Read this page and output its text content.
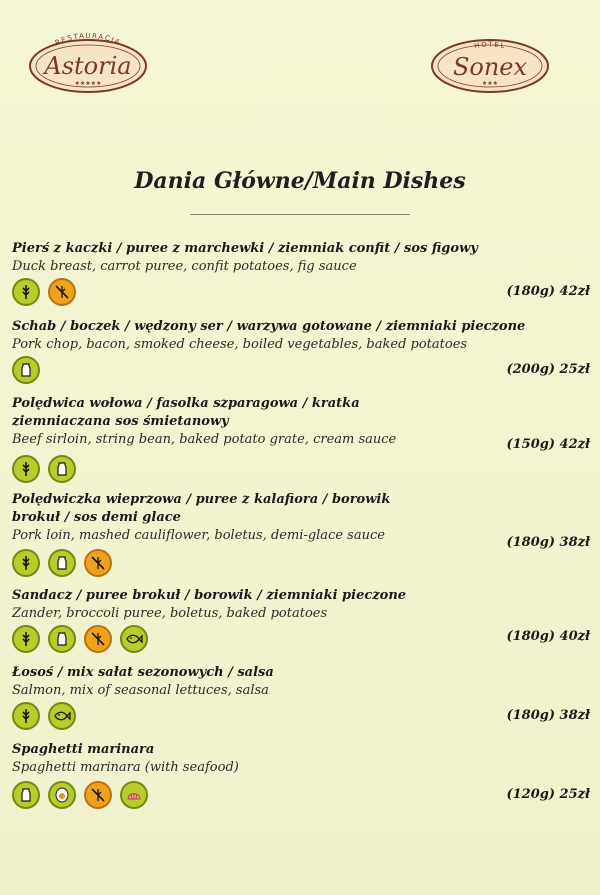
RESTAURACJA
Astoria
★★★★★
HOTEL
Sonex
★★★
Dania Główne/Main Dishes
Pierś z kaczki / puree z marchewki / ziemniak confit / sos figowy
Duck breast, carrot puree, confit potatoes, fig sauce
(180g) 42zł
Schab / boczek / wędzony ser / warzywa gotowane / ziemniaki pieczone
Pork chop, bacon, smoked cheese, boiled vegetables, baked potatoes
(200g) 25zł
Polędwica wołowa / fasolka szparagowa / kratka ziemniaczana sos śmietanowy
Beef sirloin, string bean, baked potato grate, cream sauce	(150g) 42zł
Polędwiczka wieprzowa / puree z kalafiora / borowik brokuł / sos demi glace
Pork loin, mashed cauliflower, boletus, demi-glace sauce	(180g) 38zł
Sandacz / puree brokuł / borowik / ziemniaki pieczone
Zander, broccoli puree, boletus, baked potatoes
(180g) 40zł
Łosoś / mix sałat sezonowych / salsa
Salmon, mix of seasonal lettuces, salsa
(180g) 38zł
Spaghetti marinara
Spaghetti marinara (with seafood)
(120g) 25zł
